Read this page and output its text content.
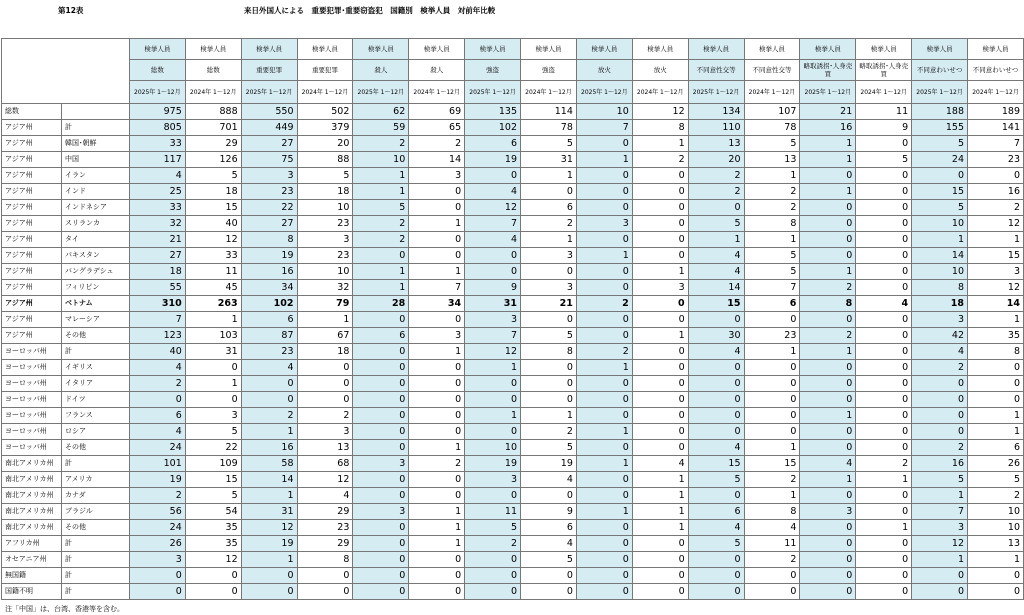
第12表	来日外国人による　重要犯罪･重要窃盗犯　国籍別　検挙人員　対前年比較
		検挙人員	検挙人員	検挙人員	検挙人員	検挙人員	検挙人員	検挙人員	検挙人員	検挙人員	検挙人員	検挙人員	検挙人員	検挙人員	検挙人員	検挙人員	検挙人員
		総数	総数	重要犯罪	重要犯罪	殺人	殺人	強盗	強盗	放火	放火	不同意性交等	不同意性交等	略取誘拐･人身売買	略取誘拐･人身売買	不同意わいせつ	不同意わいせつ
		2025年 1～12月	2024年 1～12月	2025年 1～12月	2024年 1～12月	2025年 1～12月	2024年 1～12月	2025年 1～12月	2024年 1～12月	2025年 1～12月	2024年 1～12月	2025年 1～12月	2024年 1～12月	2025年 1～12月	2024年 1～12月	2025年 1～12月	2024年 1～12月
総数		975	888	550	502	62	69	135	114	10	12	134	107	21	11	188	189
アジア州	計	805	701	449	379	59	65	102	78	7	8	110	78	16	9	155	141
アジア州	韓国･朝鮮	33	29	27	20	2	2	6	5	0	1	13	5	1	0	5	7
アジア州	中国	117	126	75	88	10	14	19	31	1	2	20	13	1	5	24	23
アジア州	イラン	4	5	3	5	1	3	0	1	0	0	2	1	0	0	0	0
アジア州	インド	25	18	23	18	1	0	4	0	0	0	2	2	1	0	15	16
アジア州	インドネシア	33	15	22	10	5	0	12	6	0	0	0	2	0	0	5	2
アジア州	スリランカ	32	40	27	23	2	1	7	2	3	0	5	8	0	0	10	12
アジア州	タイ	21	12	8	3	2	0	4	1	0	0	1	1	0	0	1	1
アジア州	パキスタン	27	33	19	23	0	0	0	3	1	0	4	5	0	0	14	15
アジア州	バングラデシュ	18	11	16	10	1	1	0	0	0	1	4	5	1	0	10	3
アジア州	フィリピン	55	45	34	32	1	7	9	3	0	3	14	7	2	0	8	12
アジア州	ベトナム	310	263	102	79	28	34	31	21	2	0	15	6	8	4	18	14
アジア州	マレーシア	7	1	6	1	0	0	3	0	0	0	0	0	0	0	3	1
アジア州	その他	123	103	87	67	6	3	7	5	0	1	30	23	2	0	42	35
ヨーロッパ州	計	40	31	23	18	0	1	12	8	2	0	4	1	1	0	4	8
ヨーロッパ州	イギリス	4	0	4	0	0	0	1	0	1	0	0	0	0	0	2	0
ヨーロッパ州	イタリア	2	1	0	0	0	0	0	0	0	0	0	0	0	0	0	0
ヨーロッパ州	ドイツ	0	0	0	0	0	0	0	0	0	0	0	0	0	0	0	0
ヨーロッパ州	フランス	6	3	2	2	0	0	1	1	0	0	0	0	1	0	0	1
ヨーロッパ州	ロシア	4	5	1	3	0	0	0	2	1	0	0	0	0	0	0	1
ヨーロッパ州	その他	24	22	16	13	0	1	10	5	0	0	4	1	0	0	2	6
南北アメリカ州	計	101	109	58	68	3	2	19	19	1	4	15	15	4	2	16	26
南北アメリカ州	アメリカ	19	15	14	12	0	0	3	4	0	1	5	2	1	1	5	5
南北アメリカ州	カナダ	2	5	1	4	0	0	0	0	0	1	0	1	0	0	1	2
南北アメリカ州	ブラジル	56	54	31	29	3	1	11	9	1	1	6	8	3	0	7	10
南北アメリカ州	その他	24	35	12	23	0	1	5	6	0	1	4	4	0	1	3	10
アフリカ州	計	26	35	19	29	0	1	2	4	0	0	5	11	0	0	12	13
オセアニア州	計	3	12	1	8	0	0	0	5	0	0	0	2	0	0	1	1
無国籍	計	0	0	0	0	0	0	0	0	0	0	0	0	0	0	0	0
国籍不明	計	0	0	0	0	0	0	0	0	0	0	0	0	0	0	0	0
注「中国」は、台湾、香港等を含む。
